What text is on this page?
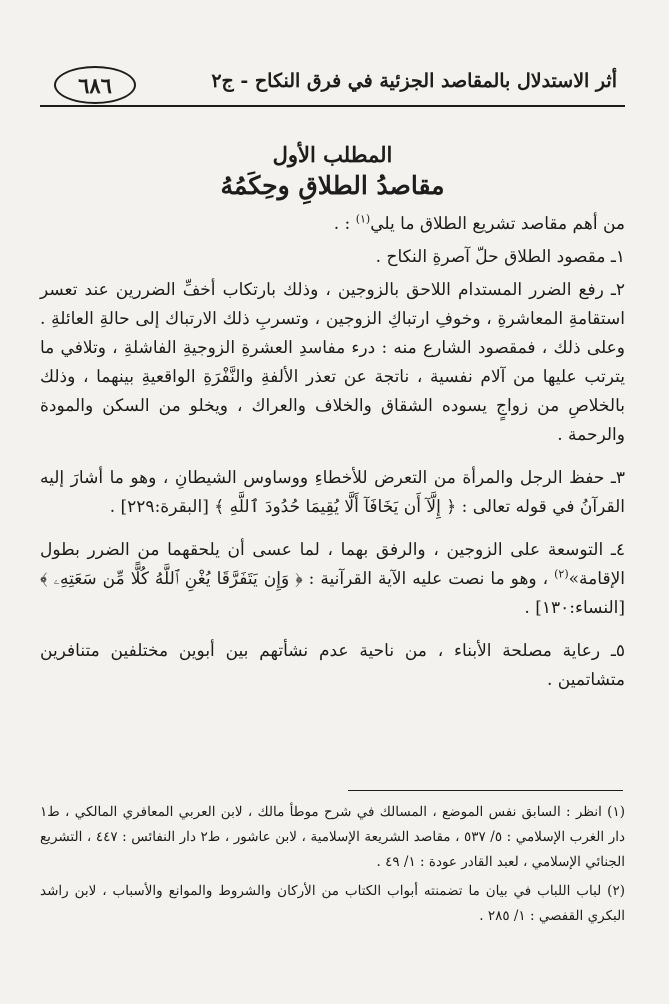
أثر الاستدلال بالمقاصد الجزئية في فرق النكاح - ج٢
٦٨٦

المطلب الأول

مقاصدُ الطلاقِ وحِكَمُهُ

من أهم مقاصد تشريع الطلاق ما يلي$^{(١)}$ : .

١ـ مقصود الطلاق حلّ آصرةِ النكاح .

٢ـ رفع الضرر المستدام اللاحق بالزوجين ، وذلك بارتكاب أخفِّ الضررين عند تعسر استقامةِ المعاشرةِ ، وخوفِ ارتباكِ الزوجين ، وتسربِ ذلك الارتباك إلى حالةِ العائلةِ . وعلى ذلك ، فمقصود الشارع منه : درء مفاسدِ العشرةِ الزوجيةِ الفاشلةِ ، وتلافي ما يترتب عليها من آلام نفسية ، ناتجة عن تعذر الألفةِ والنَّفْرَةِ الواقعيةِ بينهما ، وذلك بالخلاصِ من زواجٍ يسوده الشقاق والخلاف والعراك ، ويخلو من السكن والمودة والرحمة .

٣ـ حفظ الرجل والمرأة من التعرض للأخطاءِ ووساوس الشيطانِ ، وهو ما أشارَ إليه القرآنُ في قوله تعالى : ﴿ إِلَّآ أَن يَخَافَآ أَلَّا يُقِيمَا حُدُودَ ٱللَّهِ ﴾ [البقرة:٢٢٩] .

٤ـ التوسعة على الزوجين ، والرفق بهما ، لما عسى أن يلحقهما من الضرر بطول الإقامة»$^{(٢)}$ ، وهو ما نصت عليه الآية القرآنية : ﴿ وَإِن يَتَفَرَّقَا يُغْنِ ٱللَّهُ كُلًّا مِّن سَعَتِهِۦ ﴾ [النساء:١٣٠] .

٥ـ رعاية مصلحة الأبناء ، من ناحية عدم نشأتهم بين أبوين مختلفين متنافرين متشاتمين .

(١) انظر : السابق نفس الموضع ، المسالك في شرح موطأ مالك ، لابن العربي المعافري المالكي ، ط١ دار الغرب الإسلامي : ٥/ ٥٣٧ ، مقاصد الشريعة الإسلامية ، لابن عاشور ، ط٢ دار النفائس : ٤٤٧ ، التشريع الجنائي الإسلامي ، لعبد القادر عودة : ١/ ٤٩ .

(٢) لباب اللباب في بيان ما تضمنته أبواب الكتاب من الأركان والشروط والموانع والأسباب ، لابن راشد البكري القفصي : ١/ ٢٨٥ .
